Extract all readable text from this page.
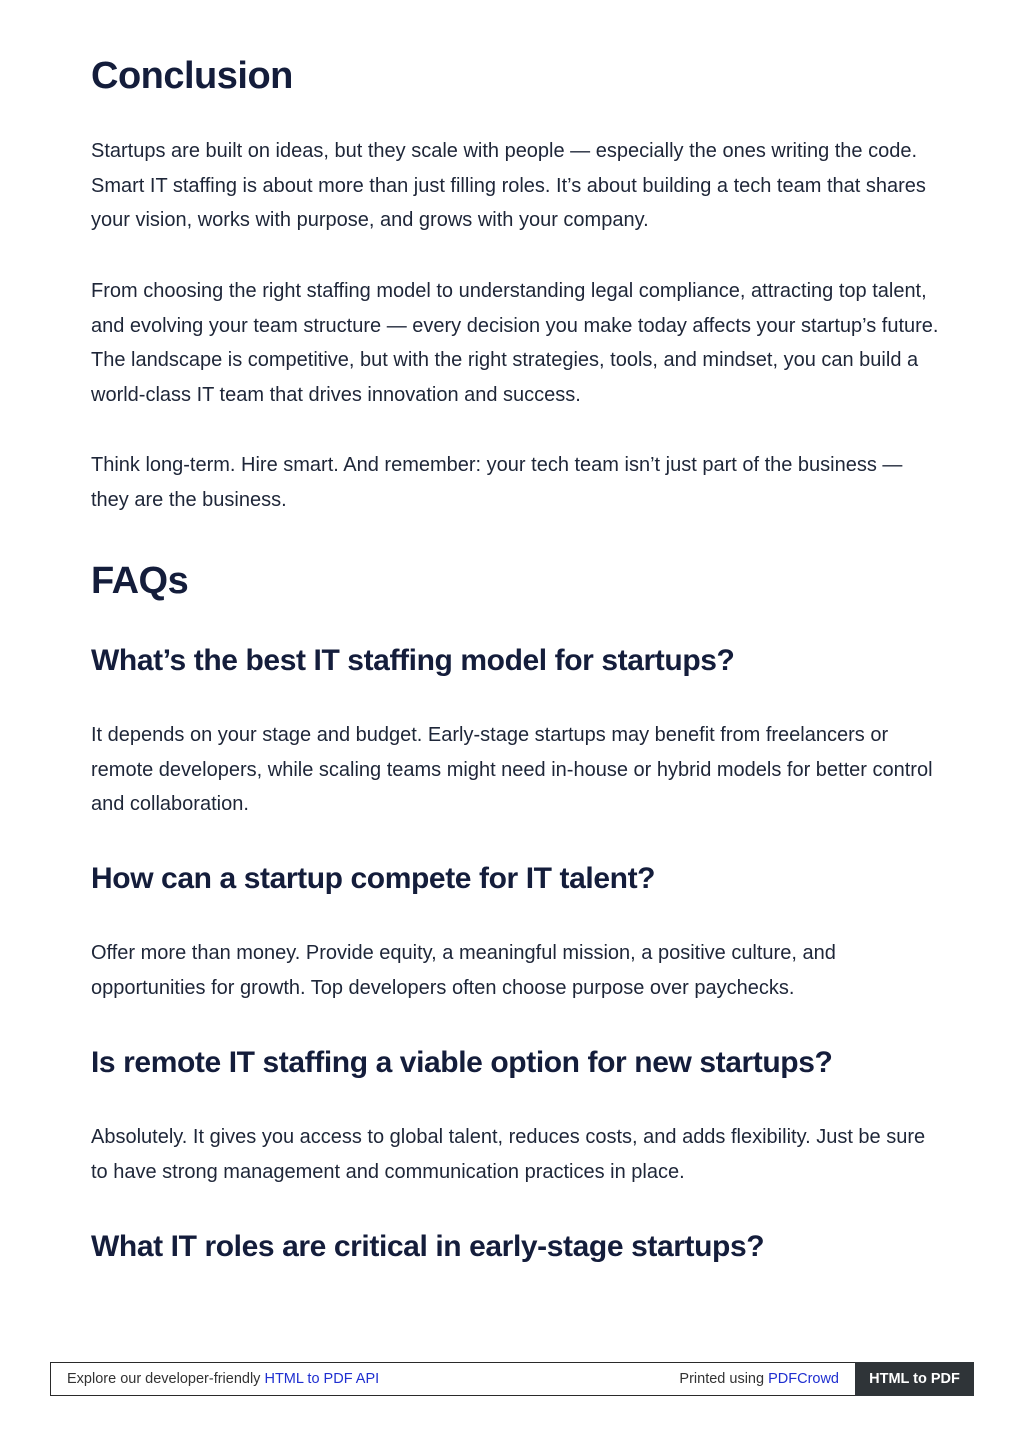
Conclusion

Startups are built on ideas, but they scale with people — especially the ones writing the code. Smart IT staffing is about more than just filling roles. It’s about building a tech team that shares your vision, works with purpose, and grows with your company.

From choosing the right staffing model to understanding legal compliance, attracting top talent, and evolving your team structure — every decision you make today affects your startup’s future. The landscape is competitive, but with the right strategies, tools, and mindset, you can build a world-class IT team that drives innovation and success.

Think long-term. Hire smart. And remember: your tech team isn’t just part of the business — they are the business.

FAQs
What’s the best IT staffing model for startups?

It depends on your stage and budget. Early-stage startups may benefit from freelancers or remote developers, while scaling teams might need in-house or hybrid models for better control and collaboration.

How can a startup compete for IT talent?

Offer more than money. Provide equity, a meaningful mission, a positive culture, and opportunities for growth. Top developers often choose purpose over paychecks.

Is remote IT staffing a viable option for new startups?

Absolutely. It gives you access to global talent, reduces costs, and adds flexibility. Just be sure to have strong management and communication practices in place.

What IT roles are critical in early-stage startups?
Explore our developer-friendly HTML to PDF API	Printed using PDFCrowd	HTML to PDF
